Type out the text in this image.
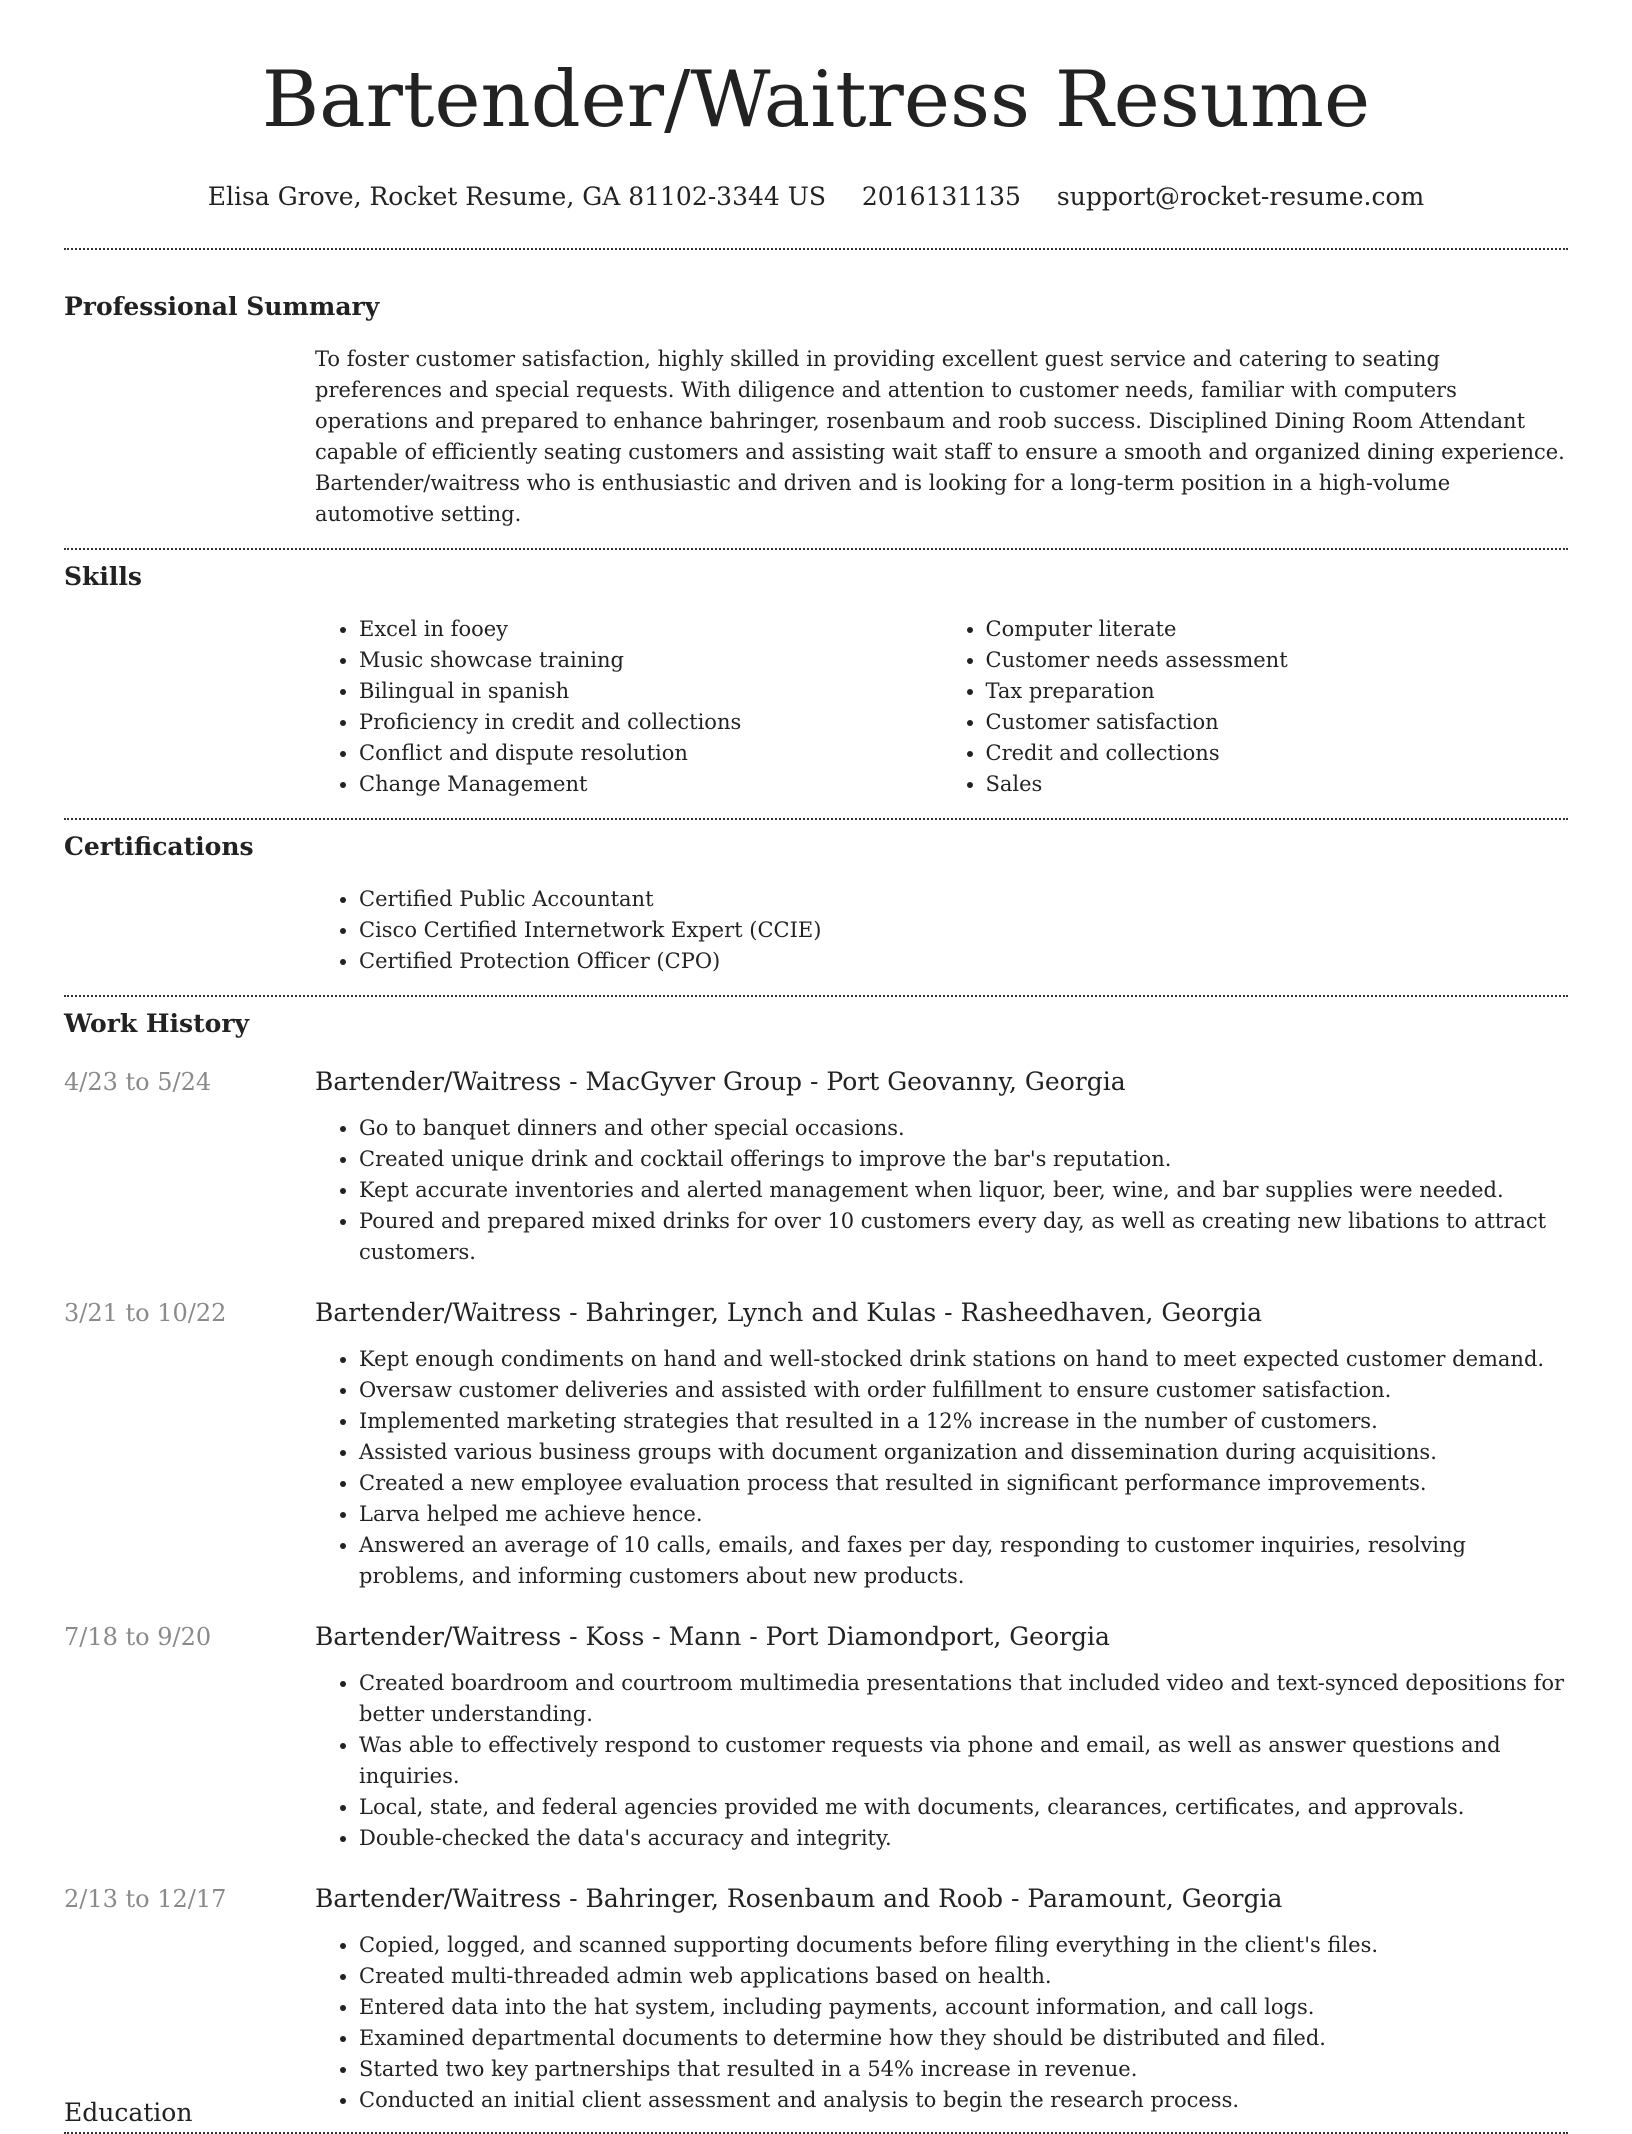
Bartender/Waitress Resume
Elisa Grove, Rocket Resume, GA 81102-3344 US 2016131135 support@rocket-resume.com
Professional Summary
To foster customer satisfaction, highly skilled in providing excellent guest service and catering to seating preferences and special requests. With diligence and attention to customer needs, familiar with computers operations and prepared to enhance bahringer, rosenbaum and roob success. Disciplined Dining Room Attendant capable of efficiently seating customers and assisting wait staff to ensure a smooth and organized dining experience. Bartender/waitress who is enthusiastic and driven and is looking for a long-term position in a high-volume automotive setting.
Skills
• Excel in fooey
• Music showcase training
• Bilingual in spanish
• Proficiency in credit and collections
• Conflict and dispute resolution
• Change Management
• Computer literate
• Customer needs assessment
• Tax preparation
• Customer satisfaction
• Credit and collections
• Sales
Certifications
• Certified Public Accountant
• Cisco Certified Internetwork Expert (CCIE)
• Certified Protection Officer (CPO)
Work History
4/23 to 5/24	Bartender/Waitress - MacGyver Group - Port Geovanny, Georgia
• Go to banquet dinners and other special occasions.
• Created unique drink and cocktail offerings to improve the bar's reputation.
• Kept accurate inventories and alerted management when liquor, beer, wine, and bar supplies were needed.
• Poured and prepared mixed drinks for over 10 customers every day, as well as creating new libations to attract customers.
3/21 to 10/22	Bartender/Waitress - Bahringer, Lynch and Kulas - Rasheedhaven, Georgia
• Kept enough condiments on hand and well-stocked drink stations on hand to meet expected customer demand.
• Oversaw customer deliveries and assisted with order fulfillment to ensure customer satisfaction.
• Implemented marketing strategies that resulted in a 12% increase in the number of customers.
• Assisted various business groups with document organization and dissemination during acquisitions.
• Created a new employee evaluation process that resulted in significant performance improvements.
• Larva helped me achieve hence.
• Answered an average of 10 calls, emails, and faxes per day, responding to customer inquiries, resolving problems, and informing customers about new products.
7/18 to 9/20	Bartender/Waitress - Koss - Mann - Port Diamondport, Georgia
• Created boardroom and courtroom multimedia presentations that included video and text-synced depositions for better understanding.
• Was able to effectively respond to customer requests via phone and email, as well as answer questions and inquiries.
• Local, state, and federal agencies provided me with documents, clearances, certificates, and approvals.
• Double-checked the data's accuracy and integrity.
2/13 to 12/17	Bartender/Waitress - Bahringer, Rosenbaum and Roob - Paramount, Georgia
• Copied, logged, and scanned supporting documents before filing everything in the client's files.
• Created multi-threaded admin web applications based on health.
• Entered data into the hat system, including payments, account information, and call logs.
• Examined departmental documents to determine how they should be distributed and filed.
• Started two key partnerships that resulted in a 54% increase in revenue.
• Conducted an initial client assessment and analysis to begin the research process.
Education
